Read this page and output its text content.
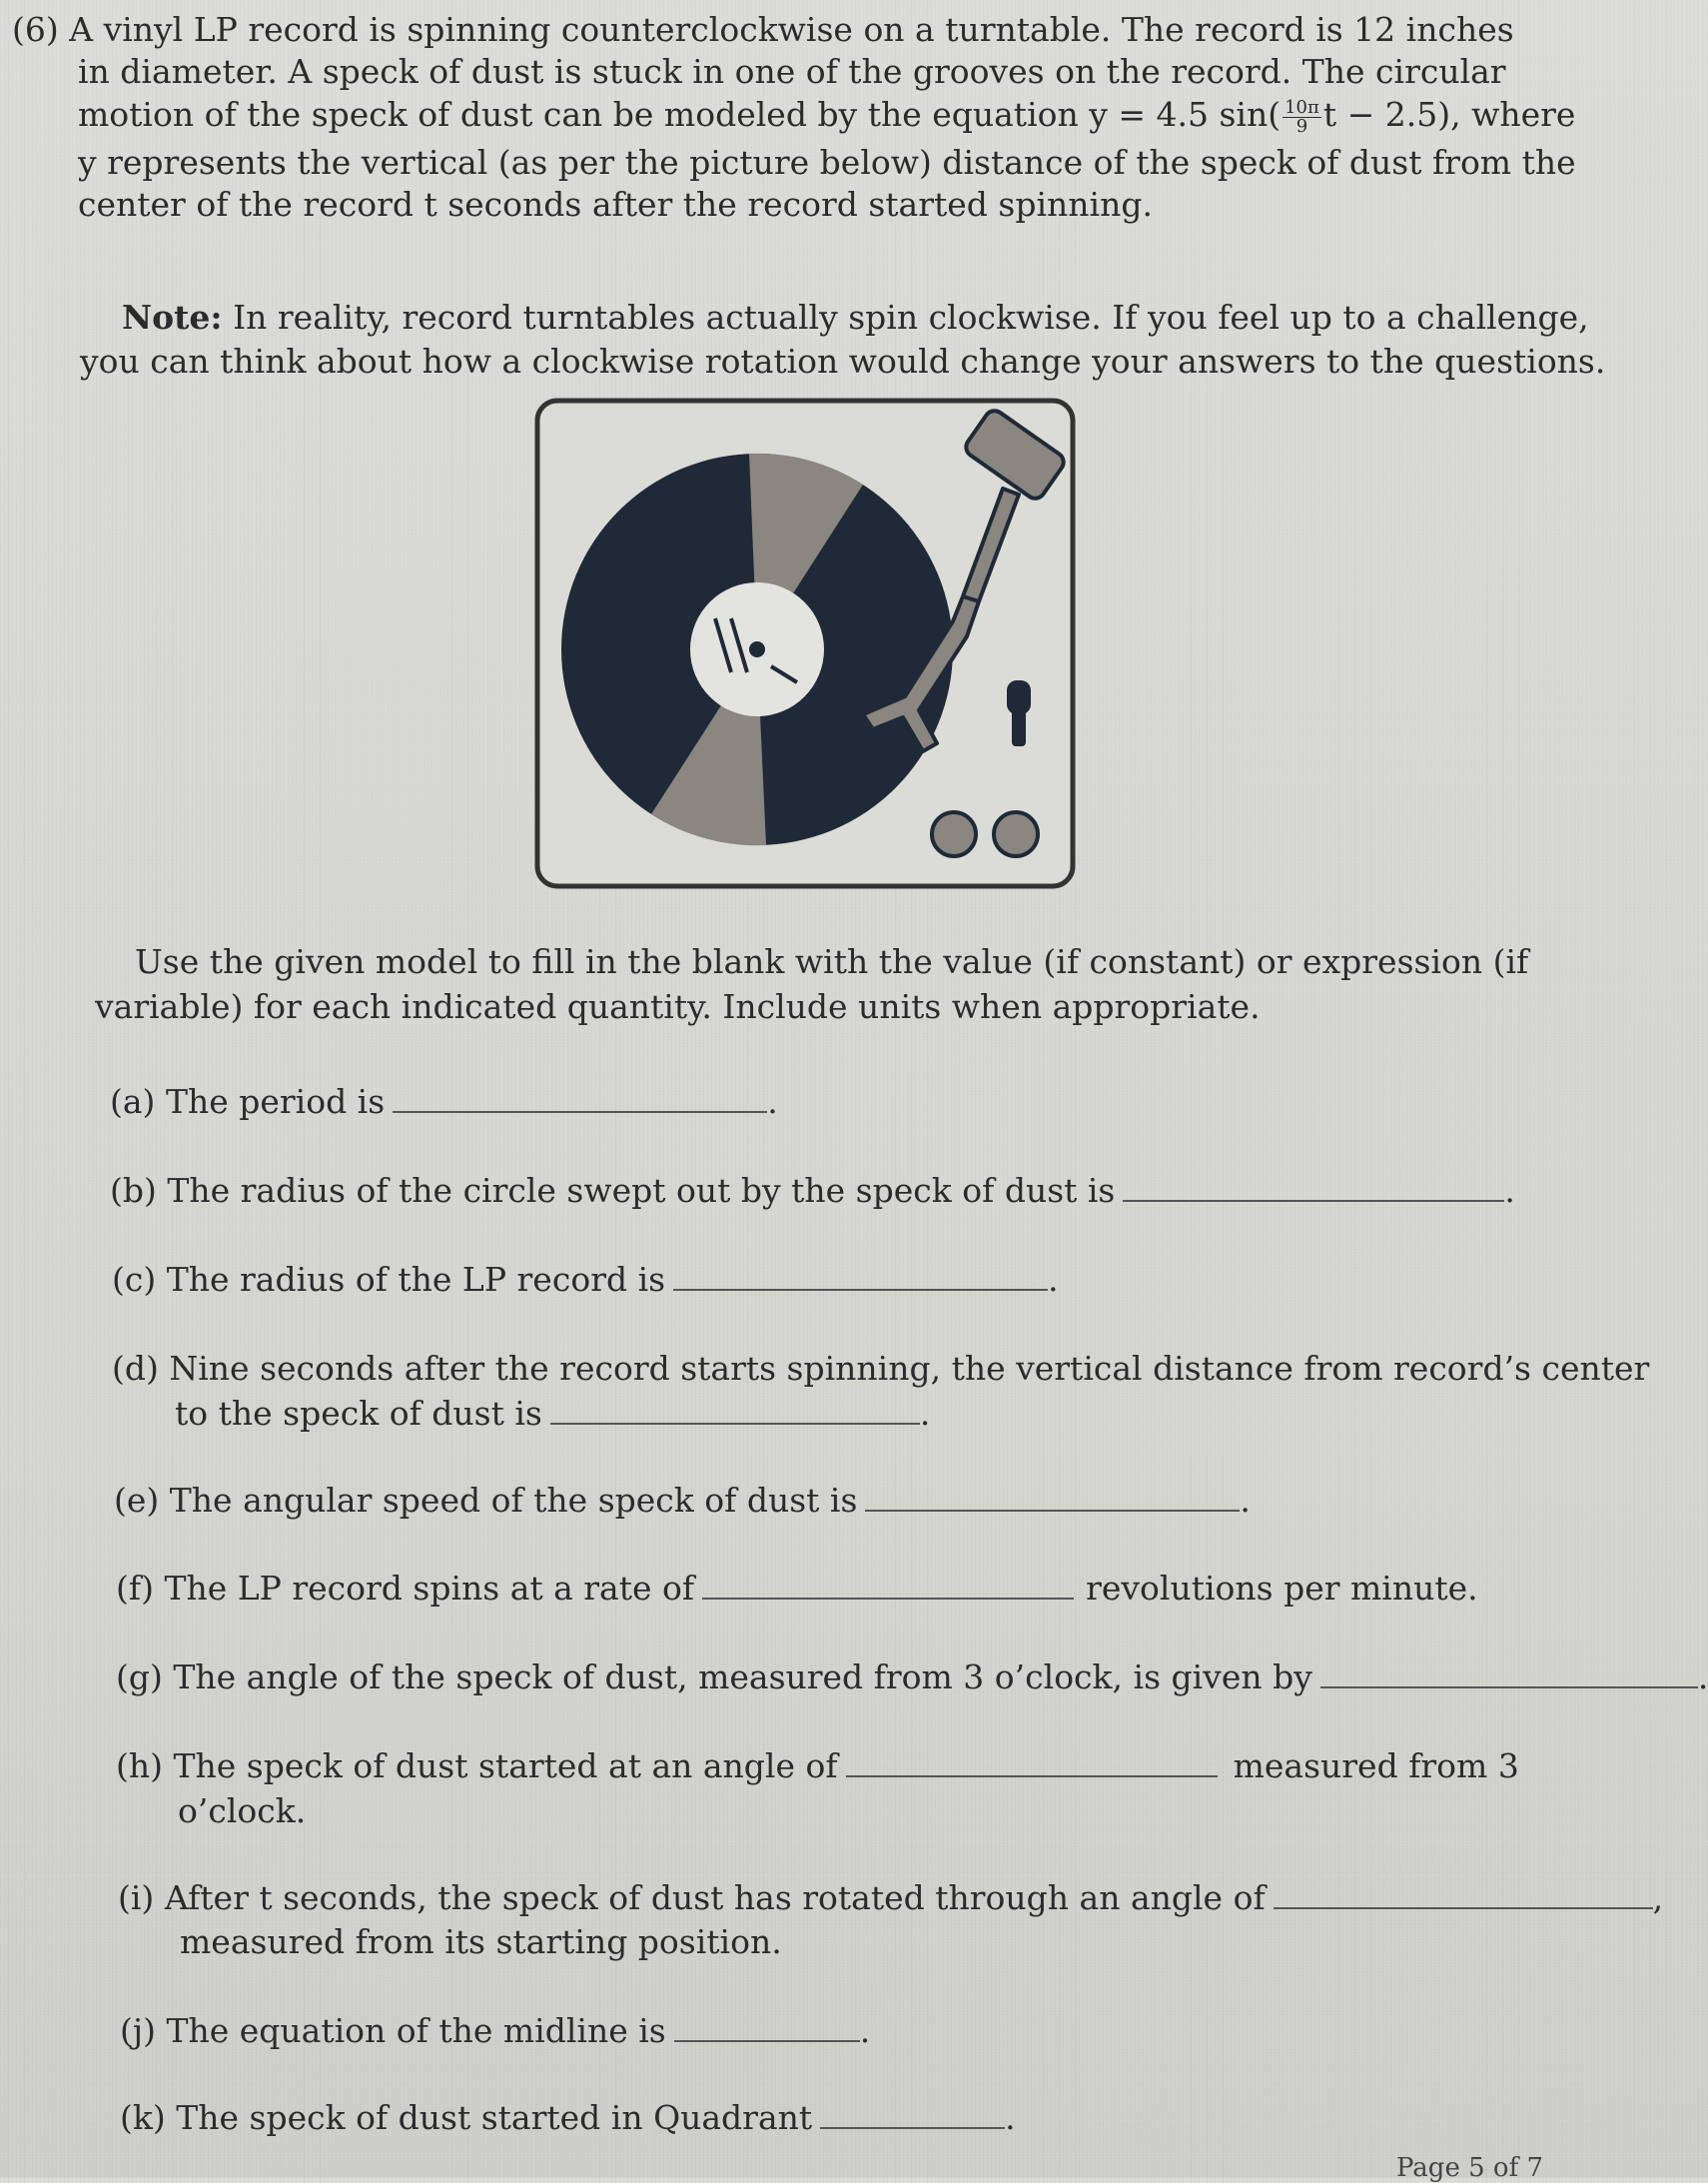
(6) A vinyl LP record is spinning counterclockwise on a turntable. The record is 12 inches
in diameter. A speck of dust is stuck in one of the grooves on the record. The circular
motion of the speck of dust can be modeled by the equation y = 4.5 $\sin( \frac{10\pi}{9}$ t − 2.5), where
y represents the vertical (as per the picture below) distance of the speck of dust from the
center of the record t seconds after the record started spinning.
Note: In reality, record turntables actually spin clockwise. If you feel up to a challenge,
you can think about how a clockwise rotation would change your answers to the questions.
Use the given model to fill in the blank with the value (if constant) or expression (if
variable) for each indicated quantity. Include units when appropriate.
(a) The period is	.
(b) The radius of the circle swept out by the speck of dust is	.
(c) The radius of the LP record is	.
(d) Nine seconds after the record starts spinning, the vertical distance from record’s center
to the speck of dust is	.
(e) The angular speed of the speck of dust is	.
(f) The LP record spins at a rate of	revolutions per minute.
(g) The angle of the speck of dust, measured from 3 o’clock, is given by	.
(h) The speck of dust started at an angle of	measured from 3
o’clock.
(i) After t seconds, the speck of dust has rotated through an angle of	,
measured from its starting position.
(j) The equation of the midline is	.
(k) The speck of dust started in Quadrant	.
Page 5 of 7
